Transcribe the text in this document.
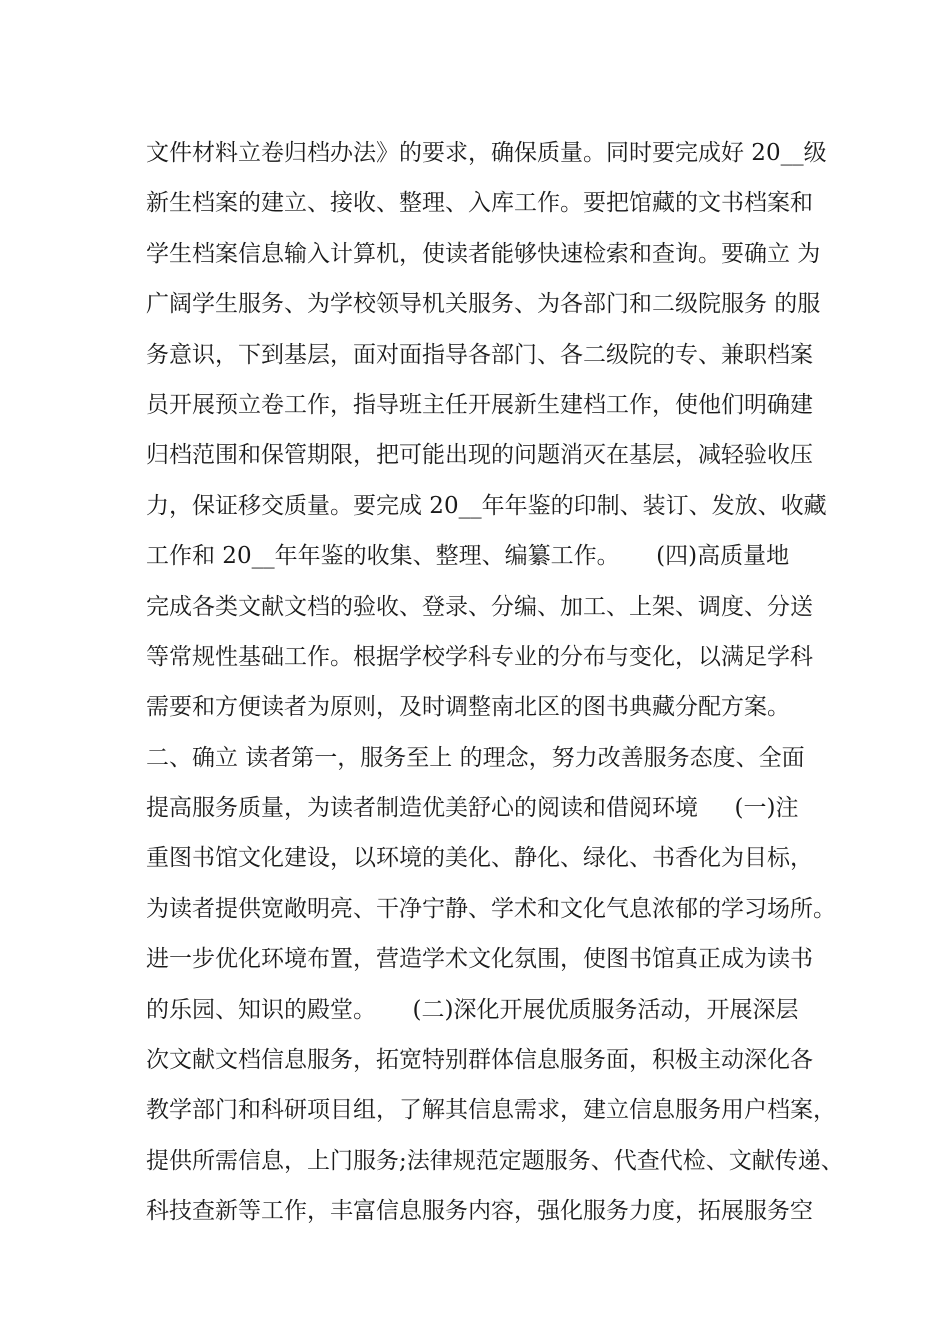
文件材料立卷归档办法》的要求，确保质量。同时要完成好 20__级
新生档案的建立、接收、整理、入库工作。要把馆藏的文书档案和
学生档案信息输入计算机，使读者能够快速检索和查询。要确立 为
广阔学生服务、为学校领导机关服务、为各部门和二级院服务 的服
务意识，下到基层，面对面指导各部门、各二级院的专、兼职档案
员开展预立卷工作，指导班主任开展新生建档工作，使他们明确建
归档范围和保管期限，把可能出现的问题消灭在基层，减轻验收压
力，保证移交质量。要完成 20__年年鉴的印制、装订、发放、收藏
工作和 20__年年鉴的收集、整理、编纂工作。     (四)高质量地
完成各类文献文档的验收、登录、分编、加工、上架、调度、分送
等常规性基础工作。根据学校学科专业的分布与变化，以满足学科
需要和方便读者为原则，及时调整南北区的图书典藏分配方案。
二、确立 读者第一，服务至上 的理念，努力改善服务态度、全面
提高服务质量，为读者制造优美舒心的阅读和借阅环境     (一)注
重图书馆文化建设，以环境的美化、静化、绿化、书香化为目标，
为读者提供宽敞明亮、干净宁静、学术和文化气息浓郁的学习场所。
进一步优化环境布置，营造学术文化氛围，使图书馆真正成为读书
的乐园、知识的殿堂。     (二)深化开展优质服务活动，开展深层
次文献文档信息服务，拓宽特别群体信息服务面，积极主动深化各
教学部门和科研项目组，了解其信息需求，建立信息服务用户档案，
提供所需信息，上门服务;法律规范定题服务、代查代检、文献传递、
科技查新等工作，丰富信息服务内容，强化服务力度，拓展服务空
